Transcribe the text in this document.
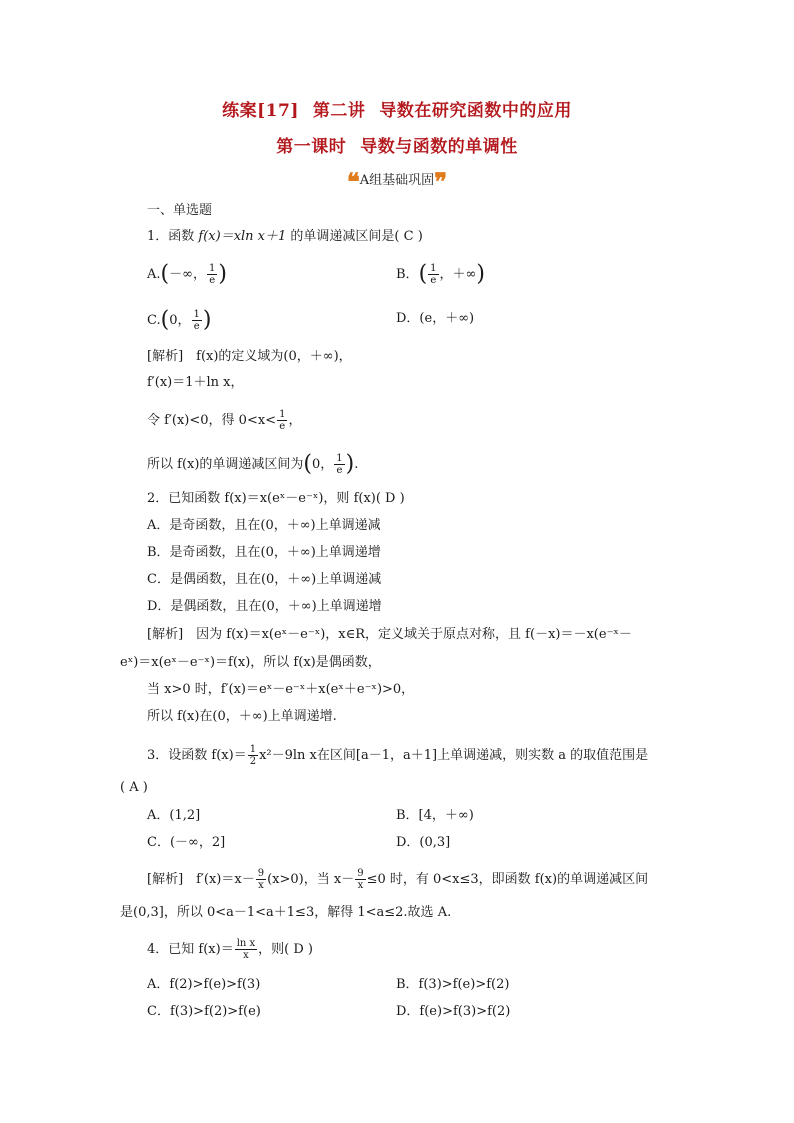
练案[17] 第二讲 导数在研究函数中的应用
第一课时 导数与函数的单调性
❝A组基础巩固❞
一、单选题
1．函数 f(x)＝xln x＋1 的单调递减区间是( C )
A.(－∞， $\frac{1}{e}$ )	B．( $\frac{1}{e}$ ，＋∞)
C.(0， $\frac{1}{e}$ )	D．(e，＋∞)
[解析]　f(x)的定义域为(0，＋∞)，
f′(x)＝1＋ln x，
令 f′(x)<0，得 $0<x< \frac{1}{e}$ ，
所以 f(x)的单调递减区间为(0， $\frac{1}{e}$ ).
2．已知函数 f(x)＝x(eˣ－e⁻ˣ)，则 f(x)( D )
A．是奇函数，且在(0，＋∞)上单调递减
B．是奇函数，且在(0，＋∞)上单调递增
C．是偶函数，且在(0，＋∞)上单调递减
D．是偶函数，且在(0，＋∞)上单调递增
[解析]　因为 f(x)＝x(eˣ－e⁻ˣ)，x∈R，定义域关于原点对称，且 f(－x)＝－x(e⁻ˣ－
eˣ)＝x(eˣ－e⁻ˣ)＝f(x)，所以 f(x)是偶函数，
当 x>0 时，f′(x)＝eˣ－e⁻ˣ＋x(eˣ＋e⁻ˣ)>0，
所以 f(x)在(0，＋∞)上单调递增.
3．设函数 $f(x)= \frac{1}{2} x^2-9\ln$ x在区间[a－1，a＋1]上单调递减，则实数 a 的取值范围是
( A )
A．(1,2]	B．[4，＋∞)
C．(－∞，2]	D．(0,3]
[解析]　$f'(x)=x- \frac{9}{x} (x>0)$，当 $x- \frac{9}{x} \le 0$ 时，有 0<x≤3，即函数 f(x)的单调递减区间
是(0,3]，所以 0<a－1<a＋1≤3，解得 1<a≤2.故选 A.
4．已知 $f(x)= \frac{\text{ln x}}{x}$ ，则( D )
A．f(2)>f(e)>f(3)	B．f(3)>f(e)>f(2)
C．f(3)>f(2)>f(e)	D．f(e)>f(3)>f(2)
